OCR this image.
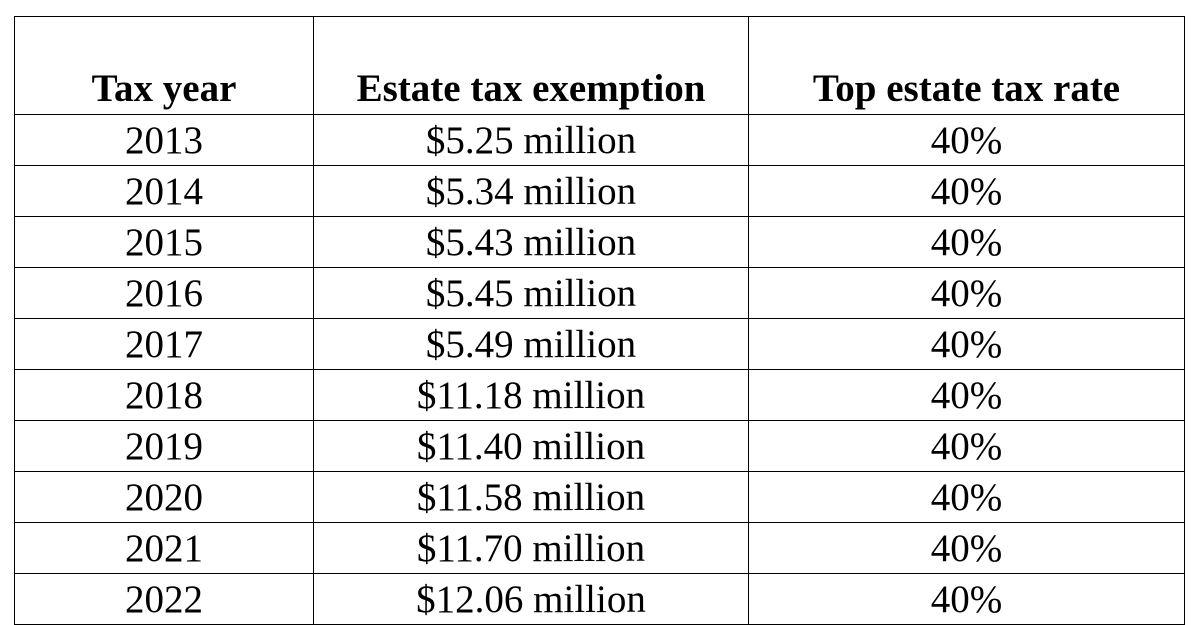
Tax year	Estate tax exemption	Top estate tax rate
2013	$5.25 million	40%
2014	$5.34 million	40%
2015	$5.43 million	40%
2016	$5.45 million	40%
2017	$5.49 million	40%
2018	$11.18 million	40%
2019	$11.40 million	40%
2020	$11.58 million	40%
2021	$11.70 million	40%
2022	$12.06 million	40%
